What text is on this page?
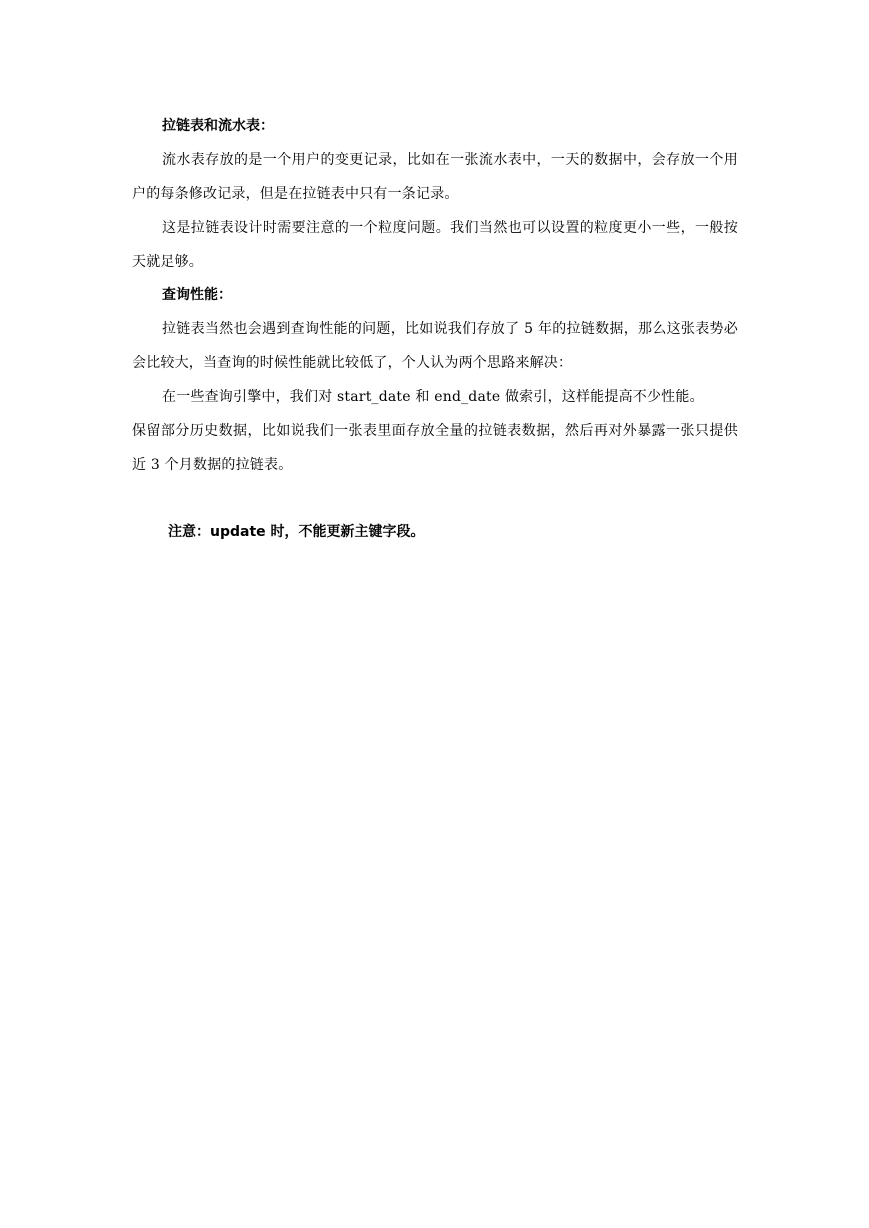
拉链表和流水表：

流水表存放的是一个用户的变更记录，比如在一张流水表中，一天的数据中，会存放一个用户的每条修改记录，但是在拉链表中只有一条记录。

这是拉链表设计时需要注意的一个粒度问题。我们当然也可以设置的粒度更小一些，一般按天就足够。

查询性能：

拉链表当然也会遇到查询性能的问题，比如说我们存放了 5 年的拉链数据，那么这张表势必会比较大，当查询的时候性能就比较低了，个人认为两个思路来解决：

在一些查询引擎中，我们对 start_date 和 end_date 做索引，这样能提高不少性能。

保留部分历史数据，比如说我们一张表里面存放全量的拉链表数据，然后再对外暴露一张只提供近 3 个月数据的拉链表。

注意：update 时，不能更新主键字段。
